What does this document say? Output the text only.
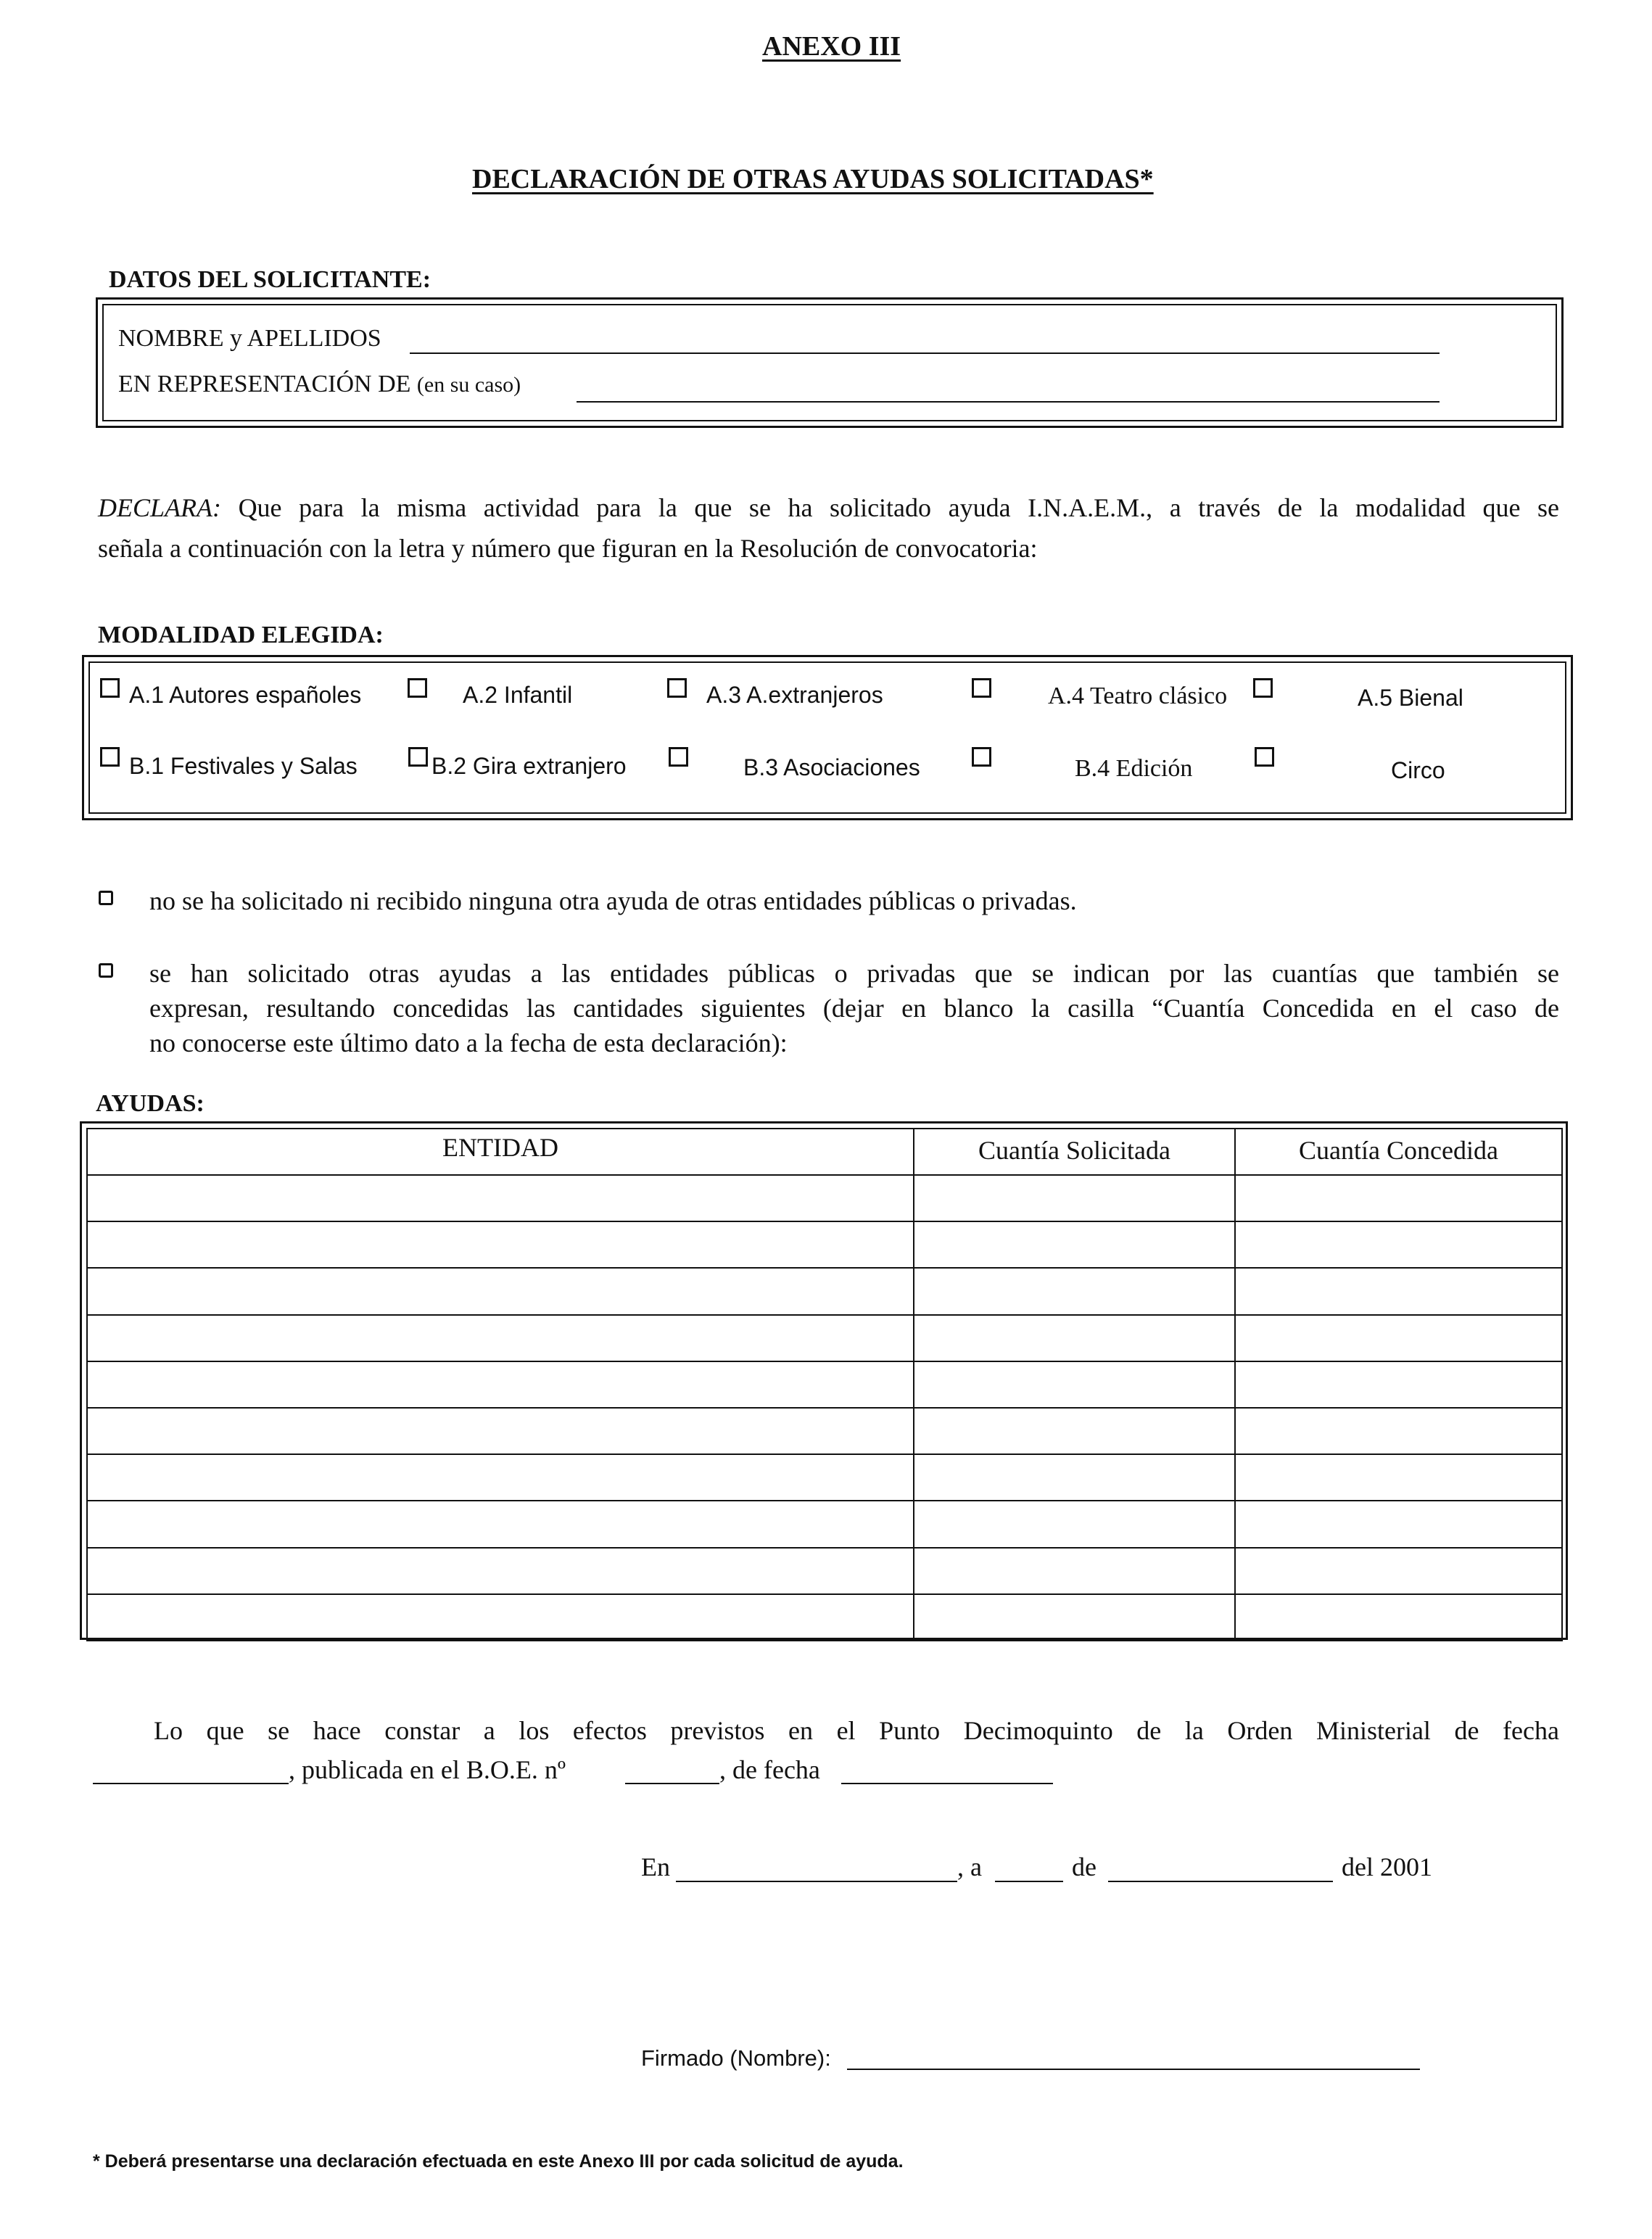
ANEXO III
DECLARACIÓN DE OTRAS AYUDAS SOLICITADAS*
DATOS DEL SOLICITANTE:
NOMBRE y APELLIDOS
EN REPRESENTACIÓN DE (en su caso)
DECLARA: Que para la misma actividad para la que se ha solicitado ayuda I.N.A.E.M., a través de la modalidad que se
señala a continuación con la letra y número que figuran en la Resolución de convocatoria:
MODALIDAD ELEGIDA:
A.1 Autores españoles	A.2 Infantil	A.3 A.extranjeros	A.4 Teatro clásico	A.5 Bienal
B.1 Festivales y Salas	B.2 Gira extranjero	B.3 Asociaciones	B.4 Edición	Circo
no se ha solicitado ni recibido ninguna otra ayuda de otras entidades públicas o privadas.
se han solicitado otras ayudas a las entidades públicas o privadas que se indican por las cuantías que también se
expresan, resultando concedidas las cantidades siguientes (dejar en blanco la casilla “Cuantía Concedida en el caso de
no conocerse este último dato a la fecha de esta declaración):
AYUDAS:
ENTIDAD	Cuantía Solicitada	Cuantía Concedida

Lo que se hace constar a los efectos previstos en el Punto Decimoquinto de la Orden Ministerial de fecha
, publicada en el B.O.E. nº	, de fecha
En	, a	de	del 2001
Firmado (Nombre):
* Deberá presentarse una declaración efectuada en este Anexo III por cada solicitud de ayuda.
